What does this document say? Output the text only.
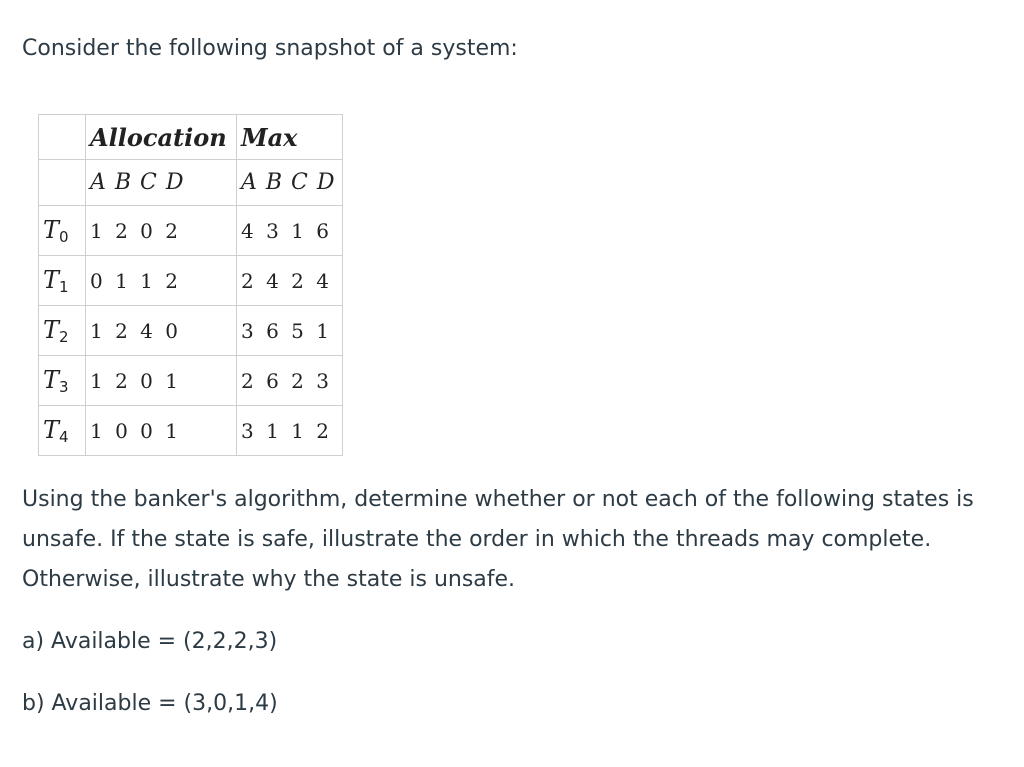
Consider the following snapshot of a system:

	Allocation	Max
	A B C D	A B C D
$T_0$	1 2 0 2	4 3 1 6
$T_1$	0 1 1 2	2 4 2 4
$T_2$	1 2 4 0	3 6 5 1
$T_3$	1 2 0 1	2 6 2 3
$T_4$	1 0 0 1	3 1 1 2

Using the banker's algorithm, determine whether or not each of the following states is unsafe. If the state is safe, illustrate the order in which the threads may complete. Otherwise, illustrate why the state is unsafe.

a) Available = (2,2,2,3)

b) Available = (3,0,1,4)
